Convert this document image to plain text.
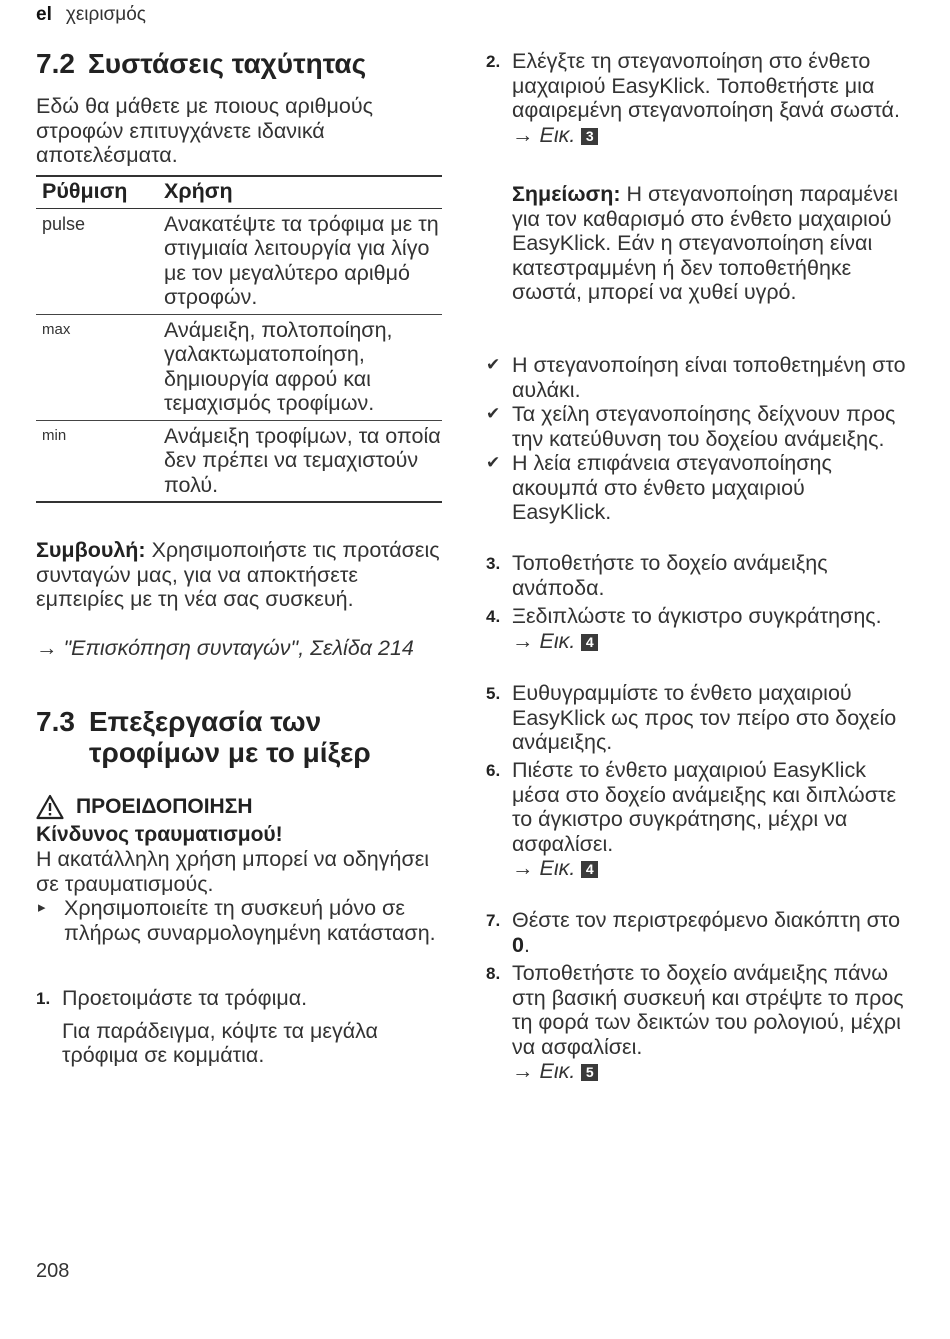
el χειρισμός
7.2 Συστάσεις ταχύτητας
Εδώ θα μάθετε με ποιους αριθμούς στροφών επιτυγχάνετε ιδανικά αποτελέσματα.
Ρύθμιση	Χρήση
pulse	Ανακατέψτε τα τρόφιμα με τη στιγμιαία λειτουργία για λίγο με τον μεγαλύτερο αριθμό στροφών.
max	Ανάμειξη, πολτοποίηση, γαλακτωματοποίηση, δημιουργία αφρού και τεμαχισμός τροφίμων.
min	Ανάμειξη τροφίμων, τα οποία δεν πρέπει να τεμαχιστούν πολύ.
Συμβουλή: Χρησιμοποιήστε τις προτάσεις συνταγών μας, για να αποκτήσετε εμπειρίες με τη νέα σας συσκευή.
→ "Επισκόπηση συνταγών", Σελίδα 214
7.3 Επεξεργασία των τροφίμων με το μίξερ
ΠΡΟΕΙΔΟΠΟΙΗΣΗ
Κίνδυνος τραυματισμού!
Η ακατάλληλη χρήση μπορεί να οδηγήσει σε τραυματισμούς.
▸ Χρησιμοποιείτε τη συσκευή μόνο σε πλήρως συναρμολογημένη κατάσταση.
1. Προετοιμάστε τα τρόφιμα.
Για παράδειγμα, κόψτε τα μεγάλα τρόφιμα σε κομμάτια.
2. Ελέγξτε τη στεγανοποίηση στο ένθετο μαχαιριού EasyKlick. Τοποθετήστε μια αφαιρεμένη στεγανοποίηση ξανά σωστά.
→ Εικ. 3
Σημείωση: Η στεγανοποίηση παραμένει για τον καθαρισμό στο ένθετο μαχαιριού EasyKlick. Εάν η στεγανοποίηση είναι κατεστραμμένη ή δεν τοποθετήθηκε σωστά, μπορεί να χυθεί υγρό.
✔ Η στεγανοποίηση είναι τοποθετημένη στο αυλάκι.
✔ Τα χείλη στεγανοποίησης δείχνουν προς την κατεύθυνση του δοχείου ανάμειξης.
✔ Η λεία επιφάνεια στεγανοποίησης ακουμπά στο ένθετο μαχαιριού EasyKlick.
3. Τοποθετήστε το δοχείο ανάμειξης ανάποδα.
4. Ξεδιπλώστε το άγκιστρο συγκράτησης.
→ Εικ. 4
5. Ευθυγραμμίστε το ένθετο μαχαιριού EasyKlick ως προς τον πείρο στο δοχείο ανάμειξης.
6. Πιέστε το ένθετο μαχαιριού EasyKlick μέσα στο δοχείο ανάμειξης και διπλώστε το άγκιστρο συγκράτησης, μέχρι να ασφαλίσει.
→ Εικ. 4
7. Θέστε τον περιστρεφόμενο διακόπτη στο 0.
8. Τοποθετήστε το δοχείο ανάμειξης πάνω στη βασική συσκευή και στρέψτε το προς τη φορά των δεικτών του ρολογιού, μέχρι να ασφαλίσει.
→ Εικ. 5
208
